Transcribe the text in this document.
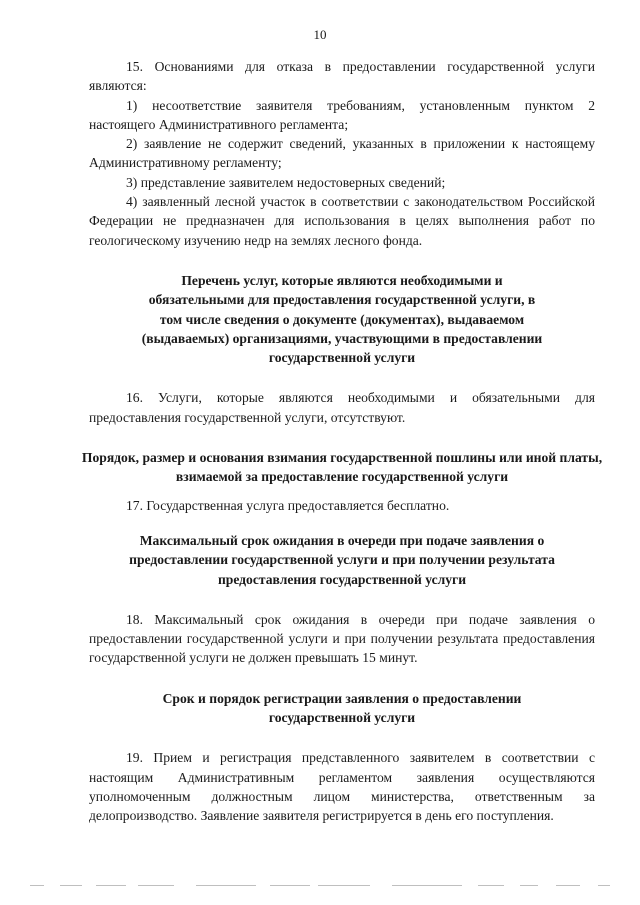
10

15. Основаниями для отказа в предоставлении государственной услуги являются:

1) несоответствие заявителя требованиям, установленным пунктом 2 настоящего Административного регламента;

2) заявление не содержит сведений, указанных в приложении к настоящему Административному регламенту;

3) представление заявителем недостоверных сведений;

4) заявленный лесной участок в соответствии с законодательством Российской Федерации не предназначен для использования в целях выполнения работ по геологическому изучению недр на землях лесного фонда.

Перечень услуг, которые являются необходимыми и обязательными для предоставления государственной услуги, в том числе сведения о документе (документах), выдаваемом (выдаваемых) организациями, участвующими в предоставлении государственной услуги

16. Услуги, которые являются необходимыми и обязательными для предоставления государственной услуги, отсутствуют.

Порядок, размер и основания взимания государственной пошлины или иной платы, взимаемой за предоставление государственной услуги

17. Государственная услуга предоставляется бесплатно.

Максимальный срок ожидания в очереди при подаче заявления о предоставлении государственной услуги и при получении результата предоставления государственной услуги

18. Максимальный срок ожидания в очереди при подаче заявления о предоставлении государственной услуги и при получении результата предоставления государственной услуги не должен превышать 15 минут.

Срок и порядок регистрации заявления о предоставлении государственной услуги

19. Прием и регистрация представленного заявителем в соответствии с настоящим Административным регламентом заявления осуществляются уполномоченным должностным лицом министерства, ответственным за делопроизводство. Заявление заявителя регистрируется в день его поступления.
